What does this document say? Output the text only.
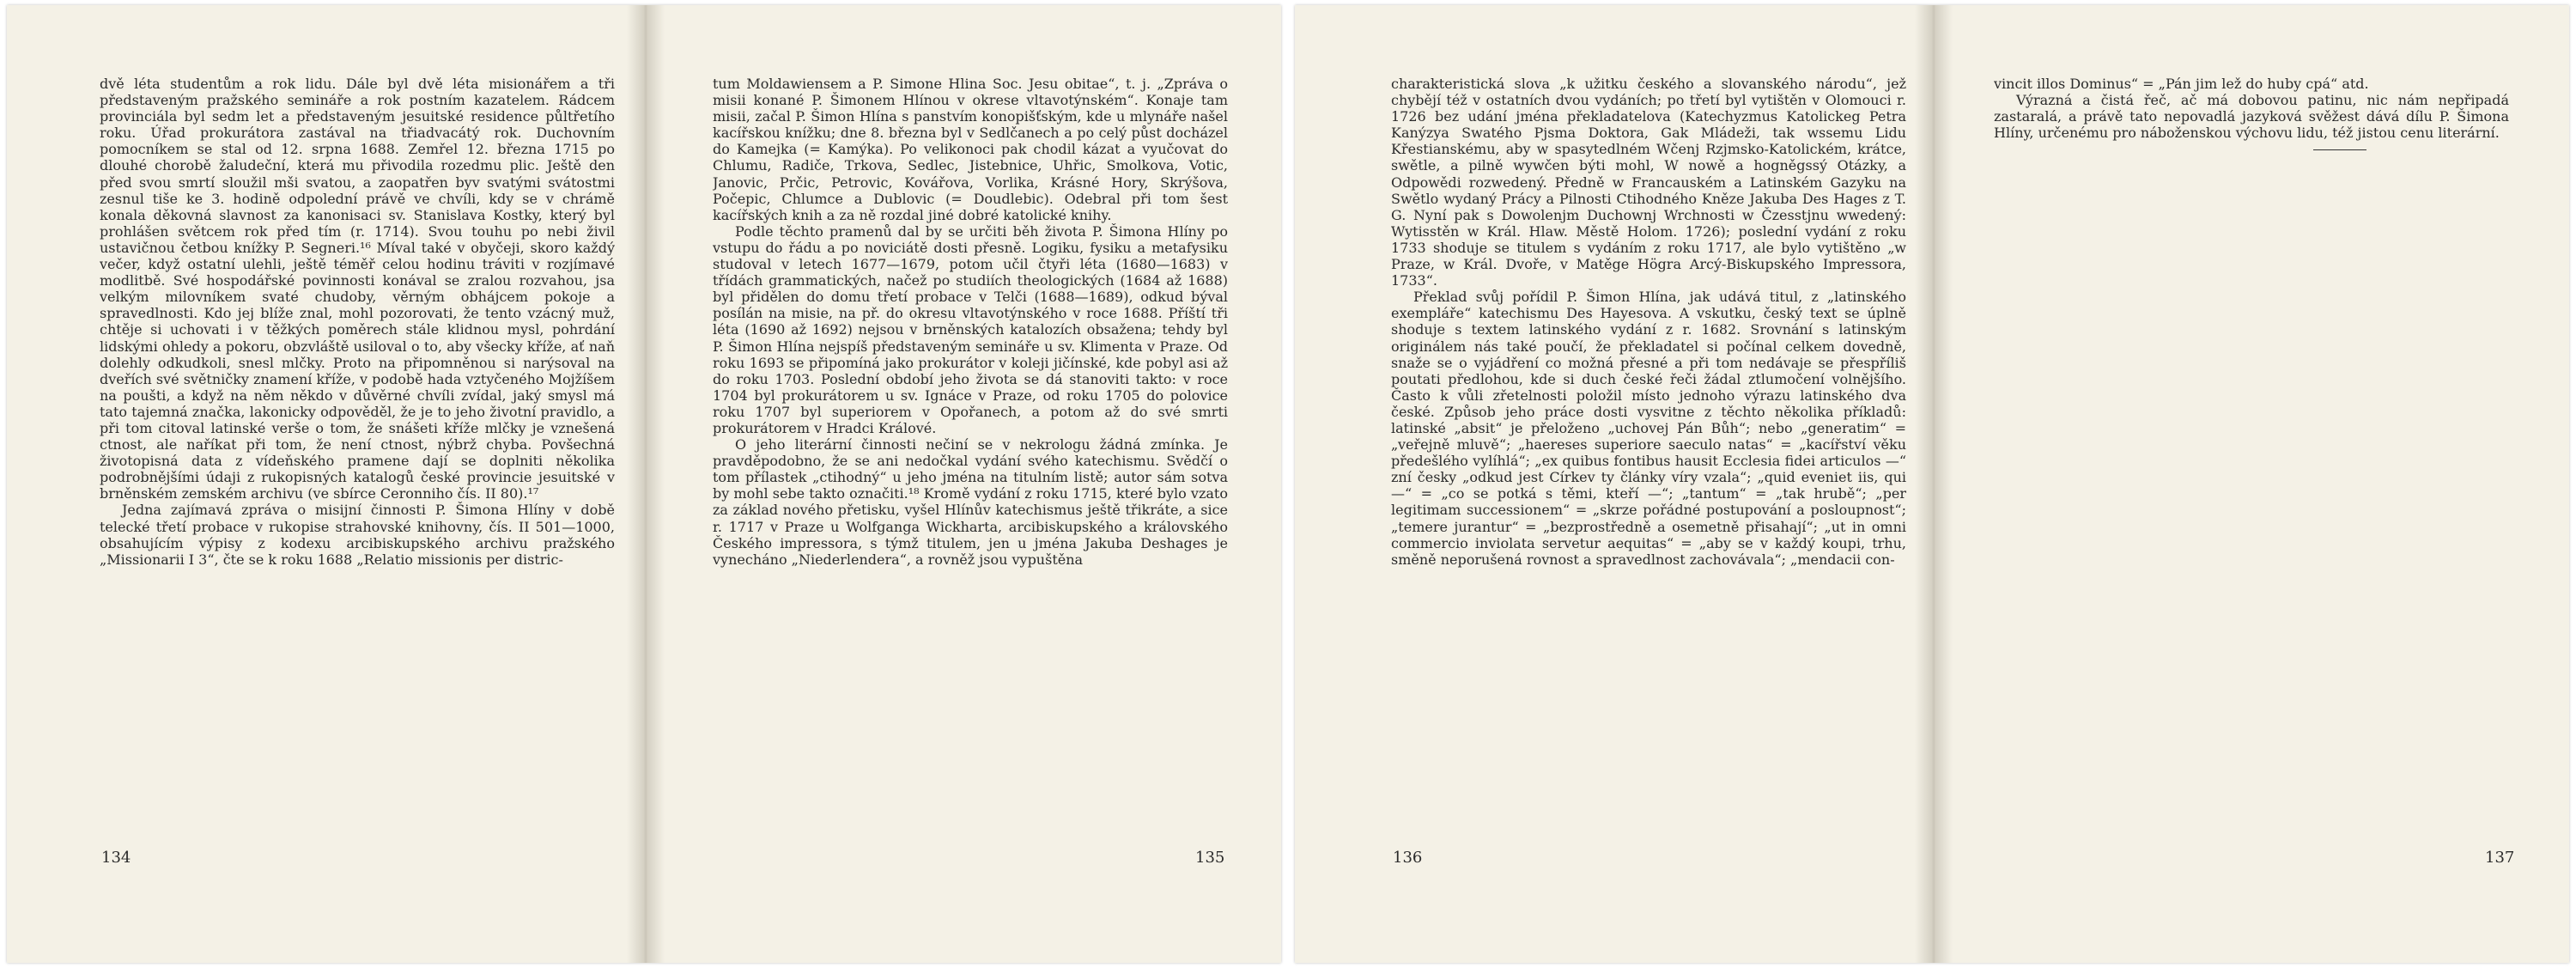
dvě léta studentům a rok lidu. Dále byl dvě léta misionářem a tři představeným pražského semináře a rok postním kazatelem. Rádcem provinciála byl sedm let a představeným jesuitské residence půltřetího roku. Úřad prokurátora zastával na třiadvacátý rok. Duchovním pomocníkem se stal od 12. srpna 1688. Zemřel 12. března 1715 po dlouhé chorobě žaludeční, která mu přivodila rozedmu plic. Ještě den před svou smrtí sloužil mši svatou, a zaopatřen byv svatými svátostmi zesnul tiše ke 3. hodině odpolední právě ve chvíli, kdy se v chrámě konala děkovná slavnost za kanonisaci sv. Stanislava Kostky, který byl prohlášen světcem rok před tím (r. 1714). Svou touhu po nebi živil ustavičnou četbou knížky P. Segneri.¹⁶ Míval také v obyčeji, skoro každý večer, když ostatní ulehli, ještě téměř celou hodinu tráviti v rozjímavé modlitbě. Své hospodářské povinnosti konával se zralou rozvahou, jsa velkým milovníkem svaté chudoby, věrným obhájcem pokoje a spravedlnosti. Kdo jej blíže znal, mohl pozorovati, že tento vzácný muž, chtěje si uchovati i v těžkých poměrech stále klidnou mysl, pohrdání lidskými ohledy a pokoru, obzvláště usiloval o to, aby všecky kříže, ať naň dolehly odkudkoli, snesl mlčky. Proto na připomněnou si narýsoval na dveřích své světničky znamení kříže, v podobě hada vztyčeného Mojžíšem na poušti, a když na něm někdo v důvěrné chvíli zvídal, jaký smysl má tato tajemná značka, lakonicky odpověděl, že je to jeho životní pravidlo, a při tom citoval latinské verše o tom, že snášeti kříže mlčky je vznešená ctnost, ale naříkat při tom, že není ctnost, nýbrž chyba. Povšechná životopisná data z vídeňského pramene dají se doplniti několika podrobnějšími údaji z rukopisných katalogů české provincie jesuitské v brněnském zemském archivu (ve sbírce Ceronniho čís. II 80).¹⁷

Jedna zajímavá zpráva o misijní činnosti P. Šimona Hlíny v době telecké třetí probace v rukopise strahovské knihovny, čís. II 501—1000, obsahujícím výpisy z kodexu arcibiskupského archivu pražského „Missionarii I 3“, čte se k roku 1688 „Relatio missionis per distric-

134

tum Moldawiensem a P. Simone Hlina Soc. Jesu obitae“, t. j. „Zpráva o misii konané P. Šimonem Hlínou v okrese vltavotýnském“. Konaje tam misii, začal P. Šimon Hlína s panstvím konopišťským, kde u mlynáře našel kacířskou knížku; dne 8. března byl v Sedlčanech a po celý půst docházel do Kamejka (= Kamýka). Po velikonoci pak chodil kázat a vyučovat do Chlumu, Radiče, Trkova, Sedlec, Jistebnice, Uhřic, Smolkova, Votic, Janovic, Prčic, Petrovic, Kovářova, Vorlika, Krásné Hory, Skrýšova, Počepic, Chlumce a Dublovic (= Doudlebic). Odebral při tom šest kacířských knih a za ně rozdal jiné dobré katolické knihy.

Podle těchto pramenů dal by se určiti běh života P. Šimona Hlíny po vstupu do řádu a po noviciátě dosti přesně. Logiku, fysiku a metafysiku studoval v letech 1677—1679, potom učil čtyři léta (1680—1683) v třídách grammatických, načež po studiích theologických (1684 až 1688) byl přidělen do domu třetí probace v Telči (1688—1689), odkud býval posílán na misie, na př. do okresu vltavotýnského v roce 1688. Příští tři léta (1690 až 1692) nejsou v brněnských katalozích obsažena; tehdy byl P. Šimon Hlína nejspíš představeným semináře u sv. Klimenta v Praze. Od roku 1693 se připomíná jako prokurátor v koleji jičínské, kde pobyl asi až do roku 1703. Poslední období jeho života se dá stanoviti takto: v roce 1704 byl prokurátorem u sv. Ignáce v Praze, od roku 1705 do polovice roku 1707 byl superiorem v Opořanech, a potom až do své smrti prokurátorem v Hradci Králové.

O jeho literární činnosti nečiní se v nekrologu žádná zmínka. Je pravděpodobno, že se ani nedočkal vydání svého katechismu. Svědčí o tom přílastek „ctihodný“ u jeho jména na titulním listě; autor sám sotva by mohl sebe takto označiti.¹⁸ Kromě vydání z roku 1715, které bylo vzato za základ nového přetisku, vyšel Hlínův katechismus ještě třikráte, a sice r. 1717 v Praze u Wolfganga Wickharta, arcibiskupského a královského Českého impressora, s týmž titulem, jen u jména Jakuba Deshages je vynecháno „Niederlendera“, a rovněž jsou vypuštěna

135

charakteristická slova „k užitku českého a slovanského národu“, jež chybějí též v ostatních dvou vydáních; po třetí byl vytištěn v Olomouci r. 1726 bez udání jména překladatelova (Katechyzmus Katolickeg Petra Kanýzya Swatého Pjsma Doktora, Gak Mládeži, tak wssemu Lidu Křestianskému, aby w spasytedlném Wčenj Rzjmsko-Katolickém, krátce, swětle, a pilně wywčen býti mohl, W nowě a hogněgssý Otázky, a Odpowědi rozwedený. Předně w Francauském a Latinském Gazyku na Swětlo wydaný Prácy a Pilnosti Ctihodného Kněze Jakuba Des Hages z T. G. Nyní pak s Dowolenjm Duchownj Wrchnosti w Čzesstjnu wwedený: Wytisstěn w Král. Hlaw. Městě Holom. 1726); poslední vydání z roku 1733 shoduje se titulem s vydáním z roku 1717, ale bylo vytištěno „w Praze, w Král. Dvoře, v Matěge Högra Arcý-Biskupského Impressora, 1733“.

Překlad svůj pořídil P. Šimon Hlína, jak udává titul, z „latinského exempláře“ katechismu Des Hayesova. A vskutku, český text se úplně shoduje s textem latinského vydání z r. 1682. Srovnání s latinským originálem nás také poučí, že překladatel si počínal celkem dovedně, snaže se o vyjádření co možná přesné a při tom nedávaje se přespříliš poutati předlohou, kde si duch české řeči žádal ztlumočení volnějšího. Často k vůli zřetelnosti položil místo jednoho výrazu latinského dva české. Způsob jeho práce dosti vysvitne z těchto několika příkladů: latinské „absit“ je přeloženo „uchovej Pán Bůh“; nebo „generatim“ = „veřejně mluvě“; „haereses superiore saeculo natas“ = „kacířství věku předešlého vylíhlá“; „ex quibus fontibus hausit Ecclesia fidei articulos —“ zní česky „odkud jest Církev ty články víry vzala“; „quid eveniet iis, qui —“ = „co se potká s těmi, kteří —“; „tantum“ = „tak hrubě“; „per legitimam successionem“ = „skrze pořádné postupování a posloupnost“; „temere jurantur“ = „bezprostředně a osemetně přisahají“; „ut in omni commercio inviolata servetur aequitas“ = „aby se v každý koupi, trhu, směně neporušená rovnost a spravedlnost zachovávala“; „mendacii con-

136

vincit illos Dominus“ = „Pán jim lež do huby cpá“ atd.

Výrazná a čistá řeč, ač má dobovou patinu, nic nám nepřipadá zastaralá, a právě tato nepovadlá jazyková svěžest dává dílu P. Šimona Hlíny, určenému pro náboženskou výchovu lidu, též jistou cenu literární.

137
